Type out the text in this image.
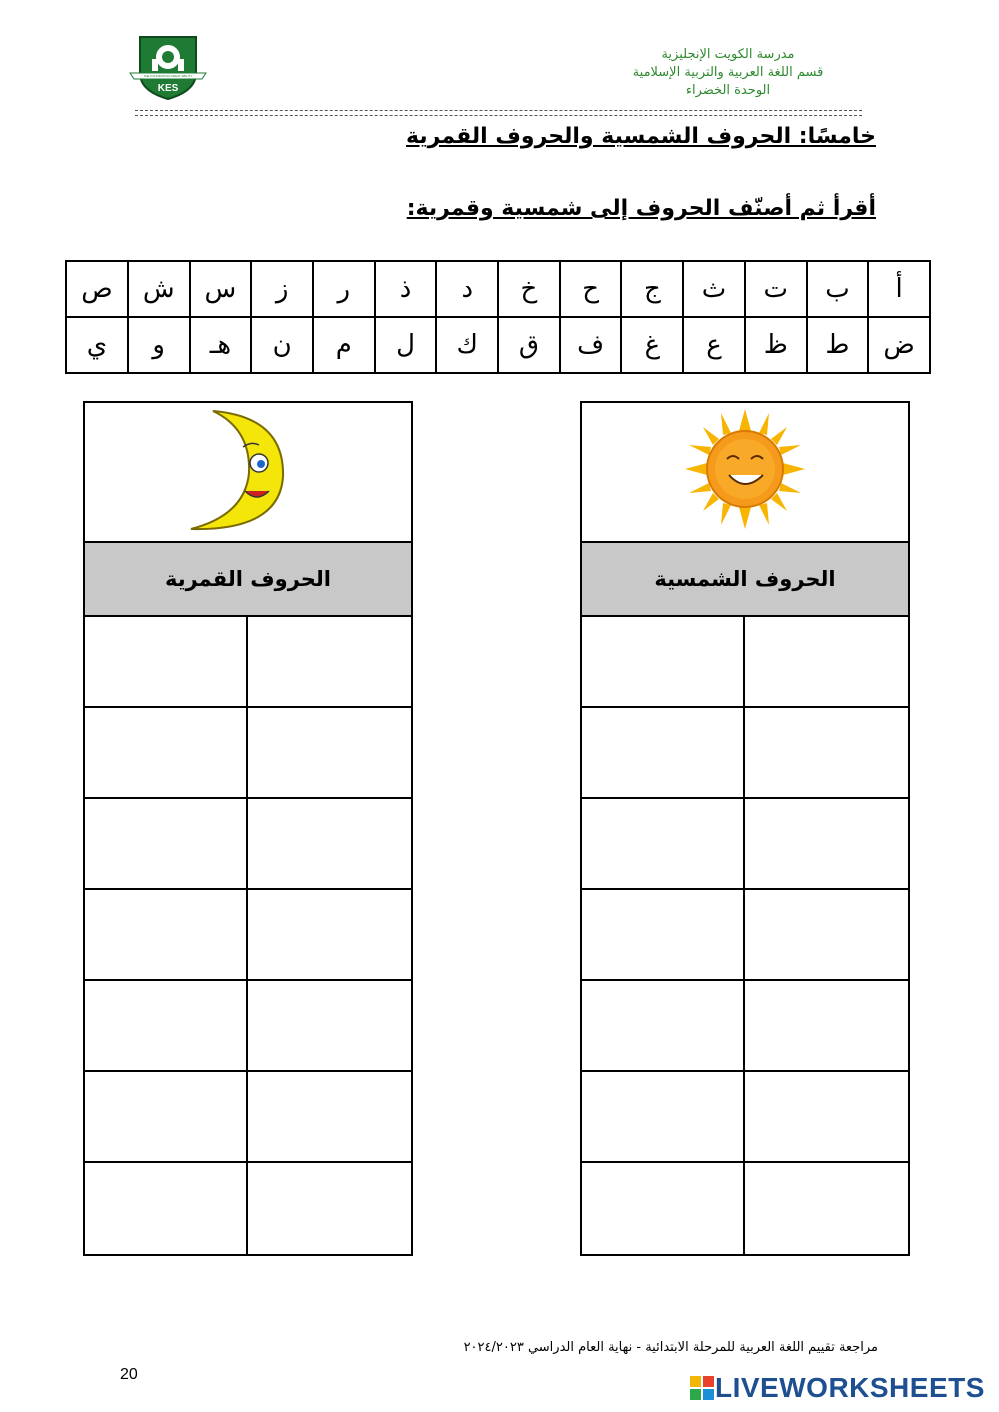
KES
THE FOUNDATION GREAT ABILITY
مدرسة الكويت الإنجليزية
قسم اللغة العربية والتربية الإسلامية
الوحدة الخضراء
خامسًا: الحروف الشمسية والحروف القمرية
أقرأ ثم أصنّف الحروف إلى شمسية وقمرية:
أ	ب	ت	ث	ج	ح	خ	د	ذ	ر	ز	س	ش	ص
ض	ط	ظ	ع	غ	ف	ق	ك	ل	م	ن	هـ	و	ي
الحروف القمرية	الحروف الشمسية
مراجعة تقييم اللغة العربية للمرحلة الابتدائية - نهاية العام الدراسي ٢٠٢٤/٢٠٢٣
20	LIVEWORKSHEETS
